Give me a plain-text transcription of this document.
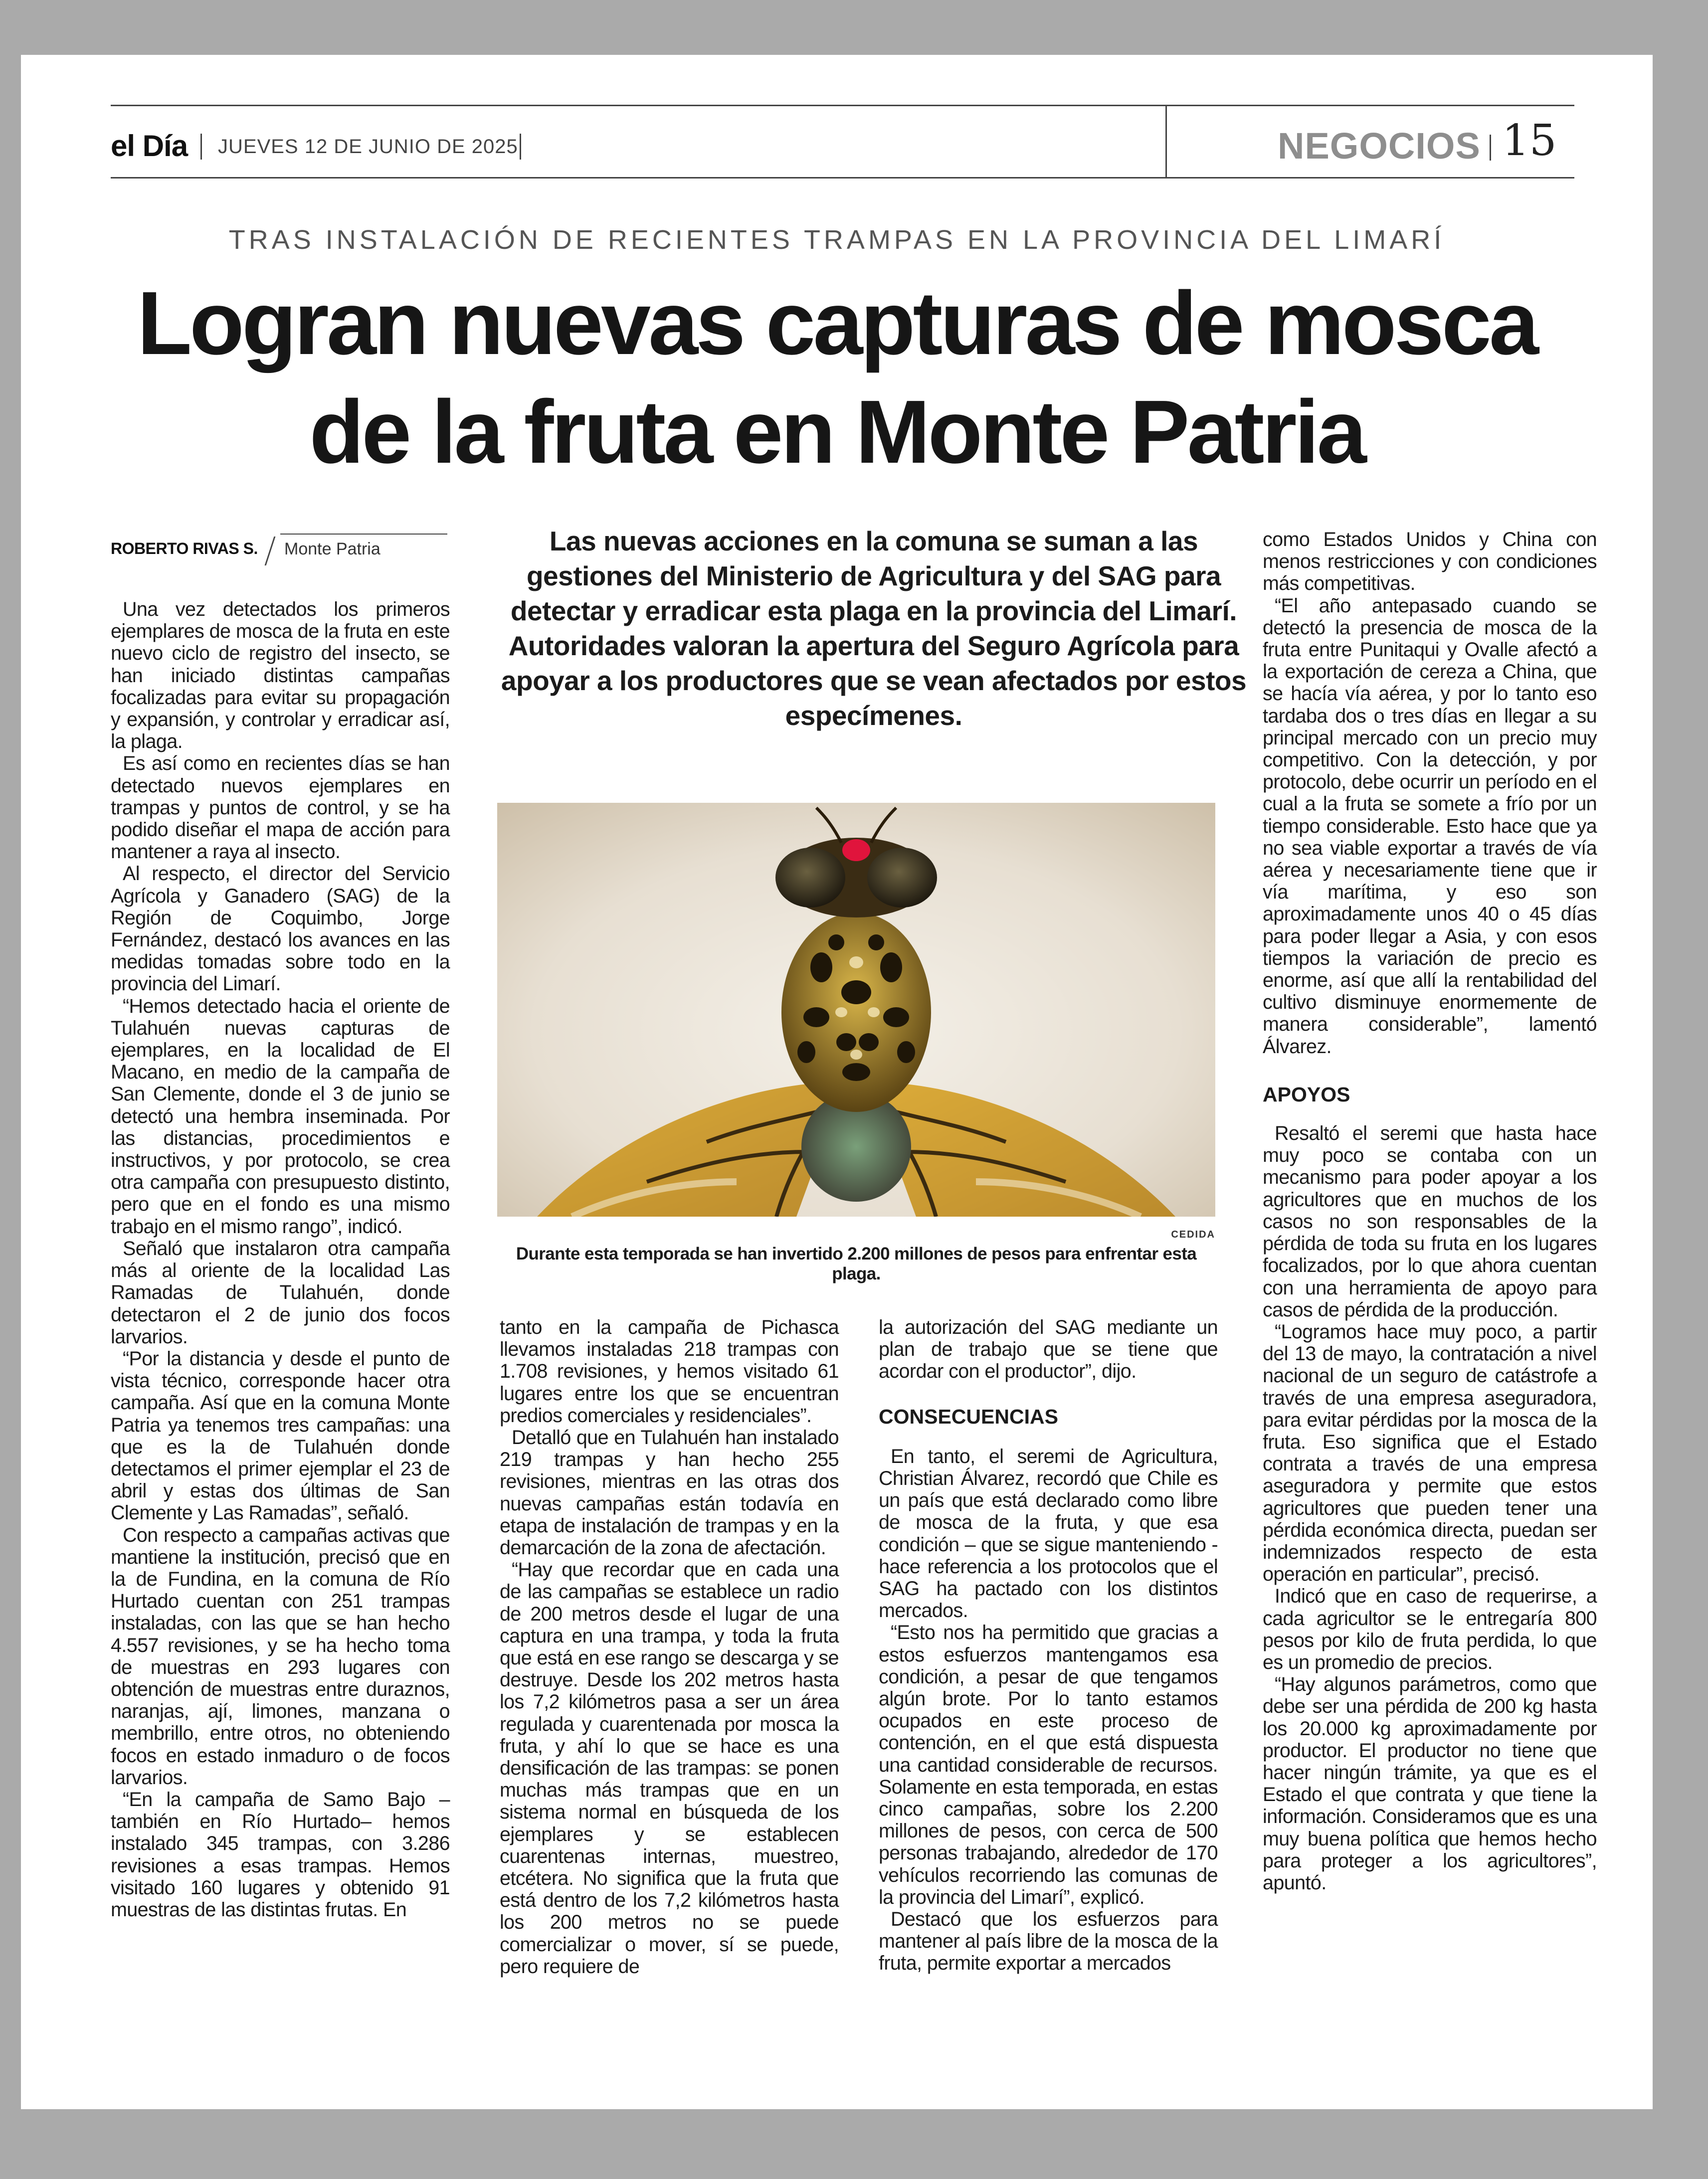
el Día JUEVES 12 DE JUNIO DE 2025	NEGOCIOS 15
TRAS INSTALACIÓN DE RECIENTES TRAMPAS EN LA PROVINCIA DEL LIMARÍ
Logran nuevas capturas de mosca
de la fruta en Monte Patria
ROBERTO RIVAS S. Monte Patria

Una vez detectados los primeros ejemplares de mosca de la fruta en este nuevo ciclo de registro del insecto, se han iniciado distintas campañas focalizadas para evitar su propagación y expansión, y controlar y erradicar así, la plaga.

Es así como en recientes días se han detectado nuevos ejemplares en trampas y puntos de control, y se ha podido diseñar el mapa de acción para mantener a raya al insecto.

Al respecto, el director del Servicio Agrícola y Ganadero (SAG) de la Región de Coquimbo, Jorge Fernández, destacó los avances en las medidas tomadas sobre todo en la provincia del Limarí.

“Hemos detectado hacia el oriente de Tulahuén nuevas capturas de ejemplares, en la localidad de El Macano, en medio de la campaña de San Clemente, donde el 3 de junio se detectó una hembra inseminada. Por las distancias, procedimientos e instructivos, y por protocolo, se crea otra campaña con presupuesto distinto, pero que en el fondo es una mismo trabajo en el mismo rango”, indicó.

Señaló que instalaron otra campaña más al oriente de la localidad Las Ramadas de Tulahuén, donde detectaron el 2 de junio dos focos larvarios.

“Por la distancia y desde el punto de vista técnico, corresponde hacer otra campaña. Así que en la comuna Monte Patria ya tenemos tres campañas: una que es la de Tulahuén donde detectamos el primer ejemplar el 23 de abril y estas dos últimas de San Clemente y Las Ramadas”, señaló.

Con respecto a campañas activas que mantiene la institución, precisó que en la de Fundina, en la comuna de Río Hurtado cuentan con 251 trampas instaladas, con las que se han hecho 4.557 revisiones, y se ha hecho toma de muestras en 293 lugares con obtención de muestras entre duraznos, naranjas, ají, limones, manzana o membrillo, entre otros, no obteniendo focos en estado inmaduro o de focos larvarios.

“En la campaña de Samo Bajo –también en Río Hurtado– hemos instalado 345 trampas, con 3.286 revisiones a esas trampas. Hemos visitado 160 lugares y obtenido 91 muestras de las distintas frutas. En

Las nuevas acciones en la comuna se suman a las gestiones del Ministerio de Agricultura y del SAG para detectar y erradicar esta plaga en la provincia del Limarí. Autoridades valoran la apertura del Seguro Agrícola para apoyar a los productores que se vean afectados por estos especímenes.
CEDIDA
Durante esta temporada se han invertido 2.200 millones de pesos para enfrentar esta plaga.

tanto en la campaña de Pichasca llevamos instaladas 218 trampas con 1.708 revisiones, y hemos visitado 61 lugares entre los que se encuentran predios comerciales y residenciales”.

Detalló que en Tulahuén han instalado 219 trampas y han hecho 255 revisiones, mientras en las otras dos nuevas campañas están todavía en etapa de instalación de trampas y en la demarcación de la zona de afectación.

“Hay que recordar que en cada una de las campañas se establece un radio de 200 metros desde el lugar de una captura en una trampa, y toda la fruta que está en ese rango se descarga y se destruye. Desde los 202 metros hasta los 7,2 kilómetros pasa a ser un área regulada y cuarentenada por mosca la fruta, y ahí lo que se hace es una densificación de las trampas: se ponen muchas más trampas que en un sistema normal en búsqueda de los ejemplares y se establecen cuarentenas internas, muestreo, etcétera. No significa que la fruta que está dentro de los 7,2 kilómetros hasta los 200 metros no se puede comercializar o mover, sí se puede, pero requiere de

la autorización del SAG mediante un plan de trabajo que se tiene que acordar con el productor”, dijo.

CONSECUENCIAS

En tanto, el seremi de Agricultura, Christian Álvarez, recordó que Chile es un país que está declarado como libre de mosca de la fruta, y que esa condición – que se sigue manteniendo - hace referencia a los protocolos que el SAG ha pactado con los distintos mercados.

“Esto nos ha permitido que gracias a estos esfuerzos mantengamos esa condición, a pesar de que tengamos algún brote. Por lo tanto estamos ocupados en este proceso de contención, en el que está dispuesta una cantidad considerable de recursos. Solamente en esta temporada, en estas cinco campañas, sobre los 2.200 millones de pesos, con cerca de 500 personas trabajando, alrededor de 170 vehículos recorriendo las comunas de la provincia del Limarí”, explicó.

Destacó que los esfuerzos para mantener al país libre de la mosca de la fruta, permite exportar a mercados

como Estados Unidos y China con menos restricciones y con condiciones más competitivas.

“El año antepasado cuando se detectó la presencia de mosca de la fruta entre Punitaqui y Ovalle afectó a la exportación de cereza a China, que se hacía vía aérea, y por lo tanto eso tardaba dos o tres días en llegar a su principal mercado con un precio muy competitivo. Con la detección, y por protocolo, debe ocurrir un período en el cual a la fruta se somete a frío por un tiempo considerable. Esto hace que ya no sea viable exportar a través de vía aérea y necesariamente tiene que ir vía marítima, y eso son aproximadamente unos 40 o 45 días para poder llegar a Asia, y con esos tiempos la variación de precio es enorme, así que allí la rentabilidad del cultivo disminuye enormemente de manera considerable”, lamentó Álvarez.

APOYOS

Resaltó el seremi que hasta hace muy poco se contaba con un mecanismo para poder apoyar a los agricultores que en muchos de los casos no son responsables de la pérdida de toda su fruta en los lugares focalizados, por lo que ahora cuentan con una herramienta de apoyo para casos de pérdida de la producción.

“Logramos hace muy poco, a partir del 13 de mayo, la contratación a nivel nacional de un seguro de catástrofe a través de una empresa aseguradora, para evitar pérdidas por la mosca de la fruta. Eso significa que el Estado contrata a través de una empresa aseguradora y permite que estos agricultores que pueden tener una pérdida económica directa, puedan ser indemnizados respecto de esta operación en particular”, precisó.

Indicó que en caso de requerirse, a cada agricultor se le entregaría 800 pesos por kilo de fruta perdida, lo que es un promedio de precios.

“Hay algunos parámetros, como que debe ser una pérdida de 200 kg hasta los 20.000 kg aproximadamente por productor. El productor no tiene que hacer ningún trámite, ya que es el Estado el que contrata y que tiene la información. Consideramos que es una muy buena política que hemos hecho para proteger a los agricultores”, apuntó.
